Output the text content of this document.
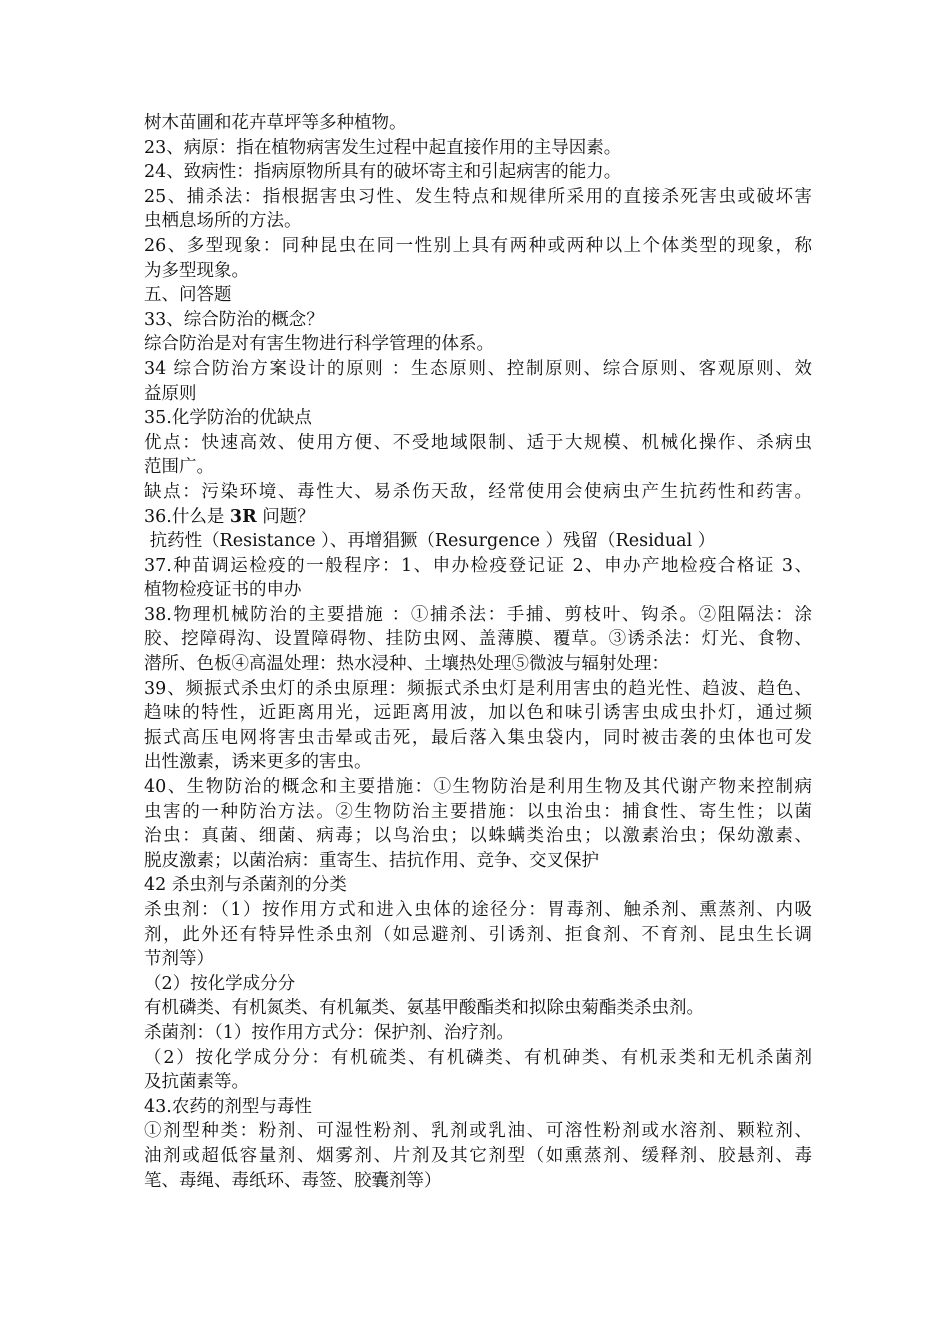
树木苗圃和花卉草坪等多种植物。
23、病原：指在植物病害发生过程中起直接作用的主导因素。
24、致病性：指病原物所具有的破坏寄主和引起病害的能力。
25、捕杀法：指根据害虫习性、发生特点和规律所采用的直接杀死害虫或破坏害
虫栖息场所的方法。
26、多型现象：同种昆虫在同一性别上具有两种或两种以上个体类型的现象，称
为多型现象。
五、问答题
33、综合防治的概念？
综合防治是对有害生物进行科学管理的体系。
34 综合防治方案设计的原则 ：生态原则、控制原则、综合原则、客观原则、效
益原则
35.化学防治的优缺点
优点：快速高效、使用方便、不受地域限制、适于大规模、机械化操作、杀病虫
范围广。
缺点：污染环境、毒性大、易杀伤天敌，经常使用会使病虫产生抗药性和药害。
36.什么是 3R 问题？
抗药性（Resistance ）、再增猖獗（Resurgence ）残留（Residual ）
37.种苗调运检疫的一般程序：1、申办检疫登记证 2、申办产地检疫合格证 3、
植物检疫证书的申办
38.物理机械防治的主要措施 ：①捕杀法：手捕、剪枝叶、钩杀。②阻隔法：涂
胶、挖障碍沟、设置障碍物、挂防虫网、盖薄膜、覆草。③诱杀法：灯光、食物、
潜所、色板④高温处理：热水浸种、土壤热处理⑤微波与辐射处理：
39、频振式杀虫灯的杀虫原理：频振式杀虫灯是利用害虫的趋光性、趋波、趋色、
趋味的特性，近距离用光，远距离用波，加以色和味引诱害虫成虫扑灯，通过频
振式高压电网将害虫击晕或击死，最后落入集虫袋内，同时被击袭的虫体也可发
出性激素，诱来更多的害虫。
40、生物防治的概念和主要措施：①生物防治是利用生物及其代谢产物来控制病
虫害的一种防治方法。②生物防治主要措施：以虫治虫：捕食性、寄生性；以菌
治虫：真菌、细菌、病毒；以鸟治虫；以蛛螨类治虫；以激素治虫；保幼激素、
脱皮激素；以菌治病：重寄生、拮抗作用、竞争、交叉保护
42 杀虫剂与杀菌剂的分类
杀虫剂：（1）按作用方式和进入虫体的途径分：胃毒剂、触杀剂、熏蒸剂、内吸
剂，此外还有特异性杀虫剂（如忌避剂、引诱剂、拒食剂、不育剂、昆虫生长调
节剂等）
（2）按化学成分分
有机磷类、有机氮类、有机氟类、氨基甲酸酯类和拟除虫菊酯类杀虫剂。
杀菌剂：（1）按作用方式分：保护剂、治疗剂。
（2）按化学成分分：有机硫类、有机磷类、有机砷类、有机汞类和无机杀菌剂
及抗菌素等。
43.农药的剂型与毒性
①剂型种类：粉剂、可湿性粉剂、乳剂或乳油、可溶性粉剂或水溶剂、颗粒剂、
油剂或超低容量剂、烟雾剂、片剂及其它剂型（如熏蒸剂、缓释剂、胶悬剂、毒
笔、毒绳、毒纸环、毒签、胶囊剂等）
